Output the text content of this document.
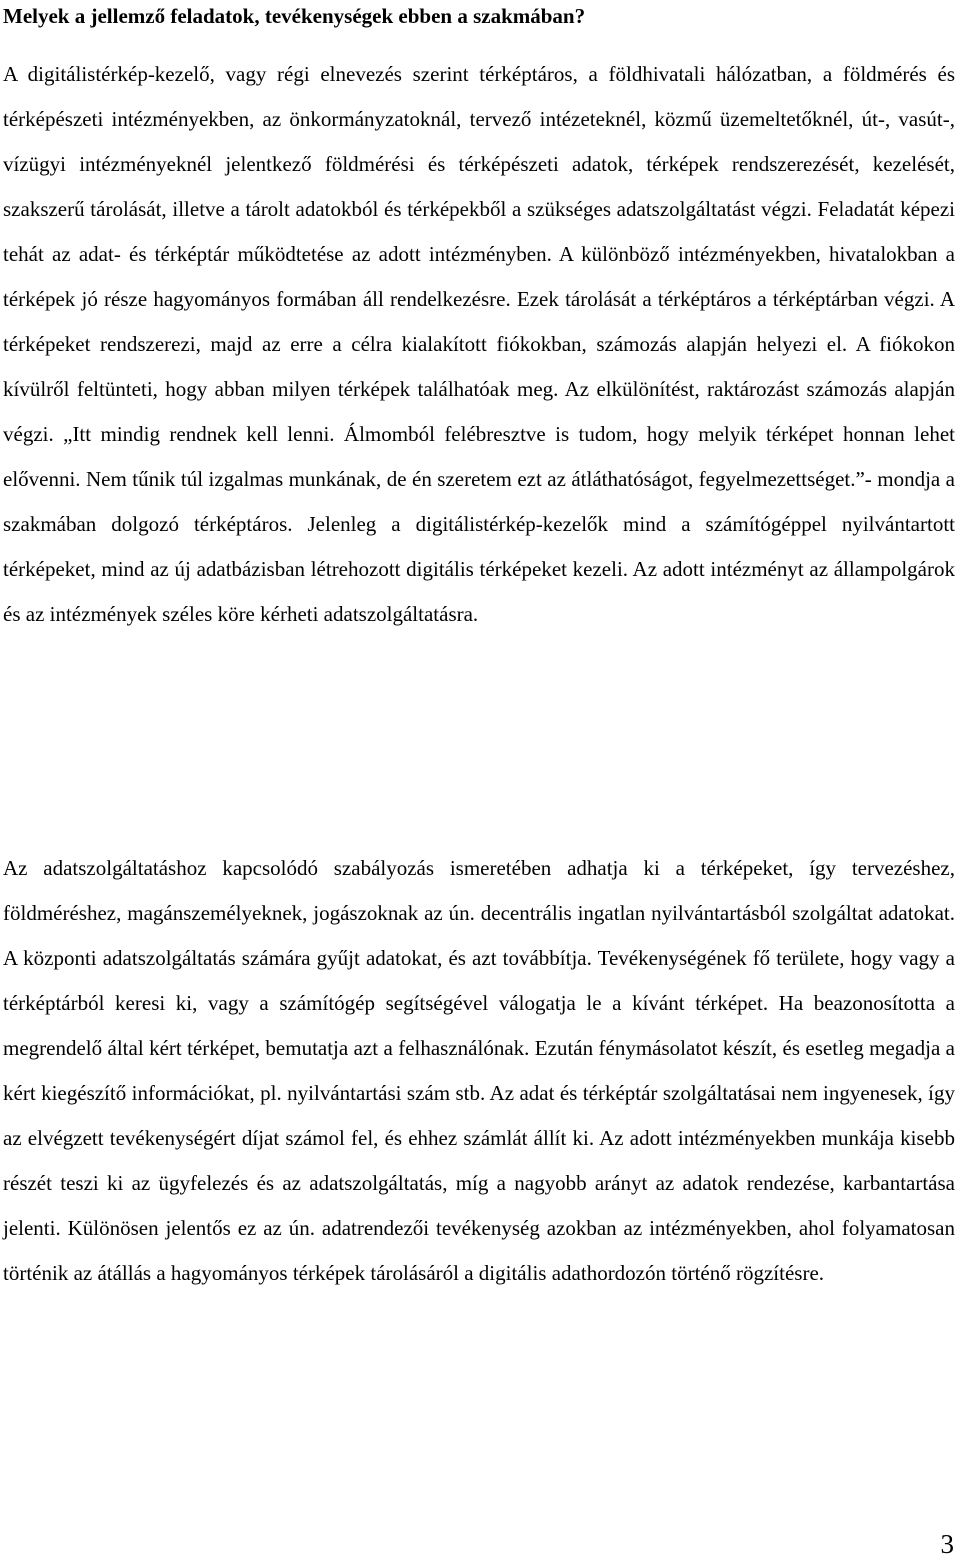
Melyek a jellemző feladatok, tevékenységek ebben a szakmában?

A digitálistérkép-kezelő, vagy régi elnevezés szerint térképtáros, a földhivatali hálózatban, a földmérés és térképészeti intézményekben, az önkormányzatoknál, tervező intézeteknél, közmű üzemeltetőknél, út-, vasút-, vízügyi intézményeknél jelentkező földmérési és térképészeti adatok, térképek rendszerezését, kezelését, szakszerű tárolását, illetve a tárolt adatokból és térképekből a szükséges adatszolgáltatást végzi. Feladatát képezi tehát az adat- és térképtár működtetése az adott intézményben. A különböző intézményekben, hivatalokban a térképek jó része hagyományos formában áll rendelkezésre. Ezek tárolását a térképtáros a térképtárban végzi. A térképeket rendszerezi, majd az erre a célra kialakított fiókokban, számozás alapján helyezi el. A fiókokon kívülről feltünteti, hogy abban milyen térképek találhatóak meg. Az elkülönítést, raktározást számozás alapján végzi. „Itt mindig rendnek kell lenni. Álmomból felébresztve is tudom, hogy melyik térképet honnan lehet elővenni. Nem tűnik túl izgalmas munkának, de én szeretem ezt az átláthatóságot, fegyelmezettséget.”- mondja a szakmában dolgozó térképtáros. Jelenleg a digitálistérkép-kezelők mind a számítógéppel nyilvántartott térképeket, mind az új adatbázisban létrehozott digitális térképeket kezeli. Az adott intézményt az állampolgárok és az intézmények széles köre kérheti adatszolgáltatásra.

Az adatszolgáltatáshoz kapcsolódó szabályozás ismeretében adhatja ki a térképeket, így tervezéshez, földméréshez, magánszemélyeknek, jogászoknak az ún. decentrális ingatlan nyilvántartásból szolgáltat adatokat. A központi adatszolgáltatás számára gyűjt adatokat, és azt továbbítja. Tevékenységének fő területe, hogy vagy a térképtárból keresi ki, vagy a számítógép segítségével válogatja le a kívánt térképet. Ha beazonosította a megrendelő által kért térképet, bemutatja azt a felhasználónak. Ezután fénymásolatot készít, és esetleg megadja a kért kiegészítő információkat, pl. nyilvántartási szám stb. Az adat és térképtár szolgáltatásai nem ingyenesek, így az elvégzett tevékenységért díjat számol fel, és ehhez számlát állít ki. Az adott intézményekben munkája kisebb részét teszi ki az ügyfelezés és az adatszolgáltatás, míg a nagyobb arányt az adatok rendezése, karbantartása jelenti. Különösen jelentős ez az ún. adatrendezői tevékenység azokban az intézményekben, ahol folyamatosan történik az átállás a hagyományos térképek tárolásáról a digitális adathordozón történő rögzítésre.

3
